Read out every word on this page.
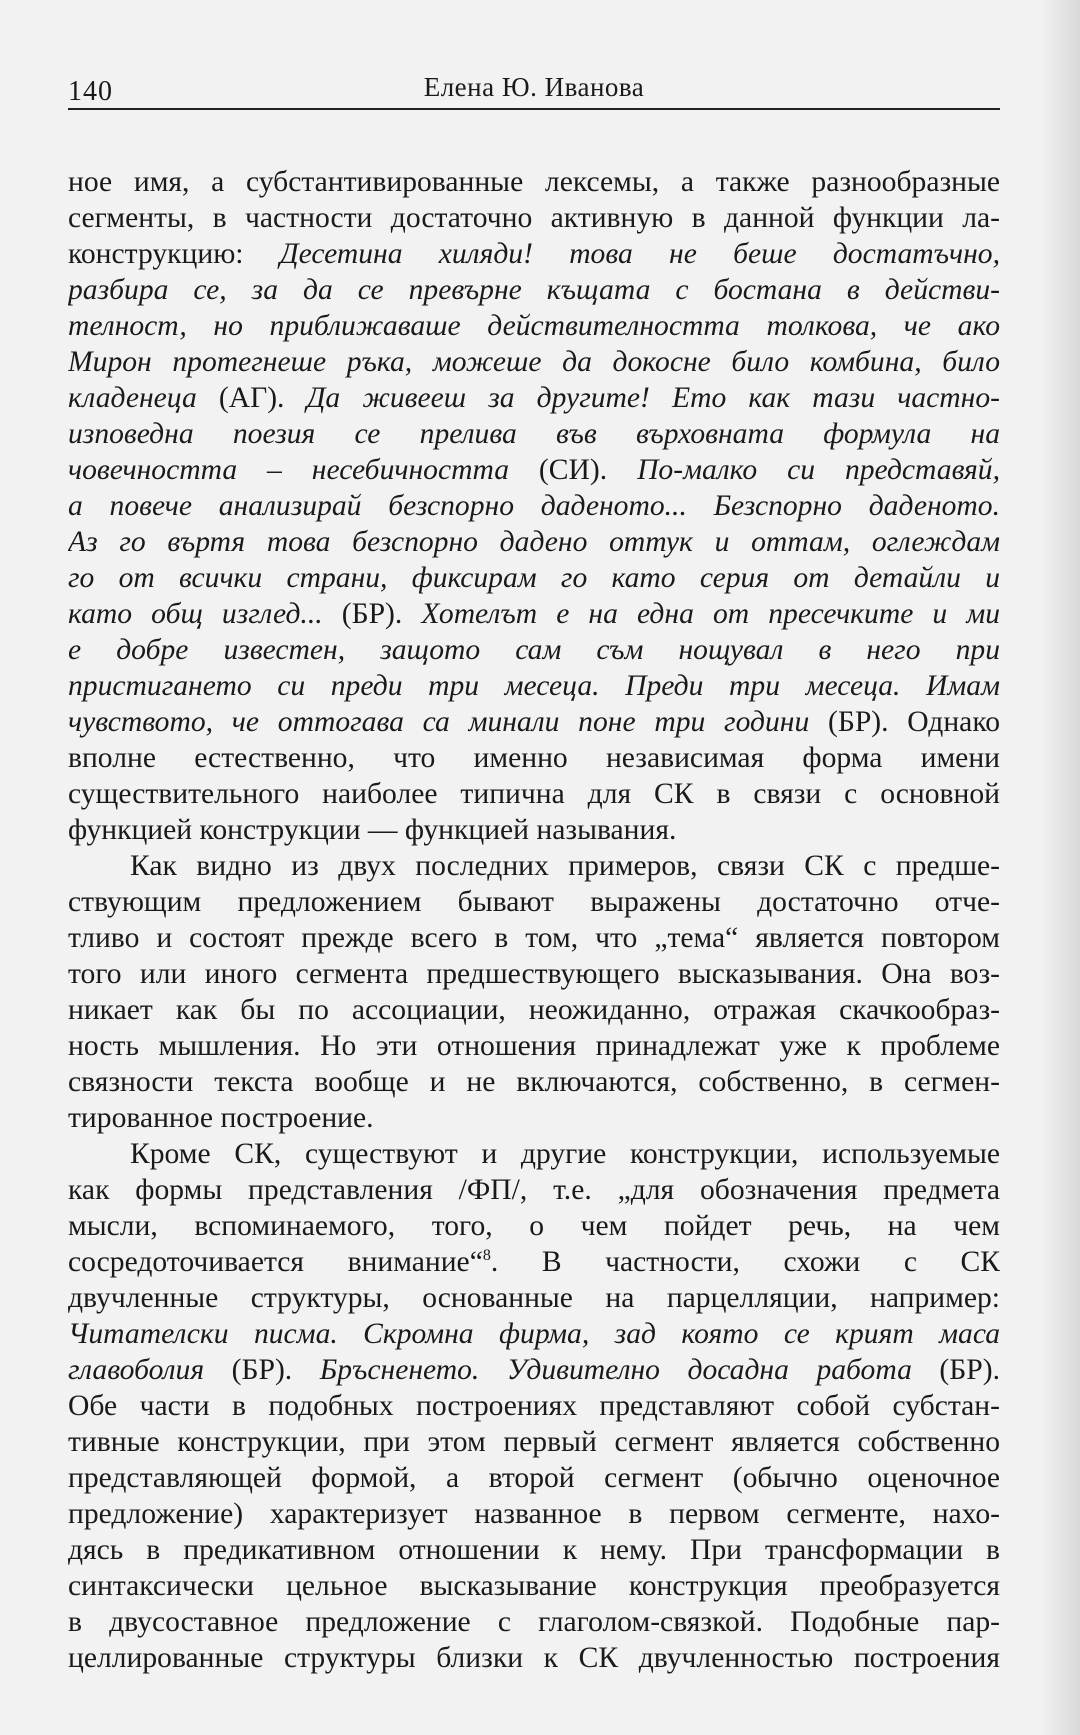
140	Елена Ю. Иванова
ное имя, а субстантивированные лексемы, а также разнообразные
сегменты, в частности достаточно активную в данной функции ла-
конструкцию: Десетина хилядиǃ това не беше достатъчно,
разбира се, за да се превърне къщата с бостана в действи-
телност, но приближаваше действителността толкова, че ако
Мирон протегнеше ръка, можеше да докосне било комбина, било
кладенеца (АГ). Да живееш за другитеǃ Ето как тази частно-
изповедна поезия се прелива във върховната формула на
човечността – несебичността (СИ). По-малко си представяй,
а повече анализирай безспорно даденото... Безспорно даденото.
Аз го въртя това безспорно дадено оттук и оттам, оглеждам
го от всички страни, фиксирам го като серия от детайли и
като общ изглед... (БР). Хотелът е на една от пресечките и ми
е добре известен, защото сам съм нощувал в него при
пристигането си преди три месеца. Преди три месеца. Имам
чувството, че оттогава са минали поне три години (БР). Однако
вполне естественно, что именно независимая форма имени
существительного наиболее типична для СК в связи с основной
функцией конструкции — функцией называния.
Как видно из двух последних примеров, связи СК с предше-
ствующим предложением бывают выражены достаточно отче-
тливо и состоят прежде всего в том, что „тема“ является повтором
того или иного сегмента предшествующего высказывания. Она воз-
никает как бы по ассоциации, неожиданно, отражая скачкообраз-
ность мышления. Но эти отношения принадлежат уже к проблеме
связности текста вообще и не включаются, собственно, в сегмен-
тированное построение.
Кроме СК, существуют и другие конструкции, используемые
как формы представления /ФП/, т.е. „для обозначения предмета
мысли, вспоминаемого, того, о чем пойдет речь, на чем
сосредоточивается внимание“$^8$. В частности, схожи с СК
двучленные структуры, основанные на парцелляции, например:
Читателски писма. Скромна фирма, зад която се крият маса
главоболия (БР). Бръсненето. Удивително досадна работа (БР).
Обе части в подобных построениях представляют собой субстан-
тивные конструкции, при этом первый сегмент является собственно
представляющей формой, а второй сегмент (обычно оценочное
предложение) характеризует названное в первом сегменте, нахо-
дясь в предикативном отношении к нему. При трансформации в
синтаксически цельное высказывание конструкция преобразуется
в двусоставное предложение с глаголом-связкой. Подобные пар-
целлированные структуры близки к СК двучленностью построения
